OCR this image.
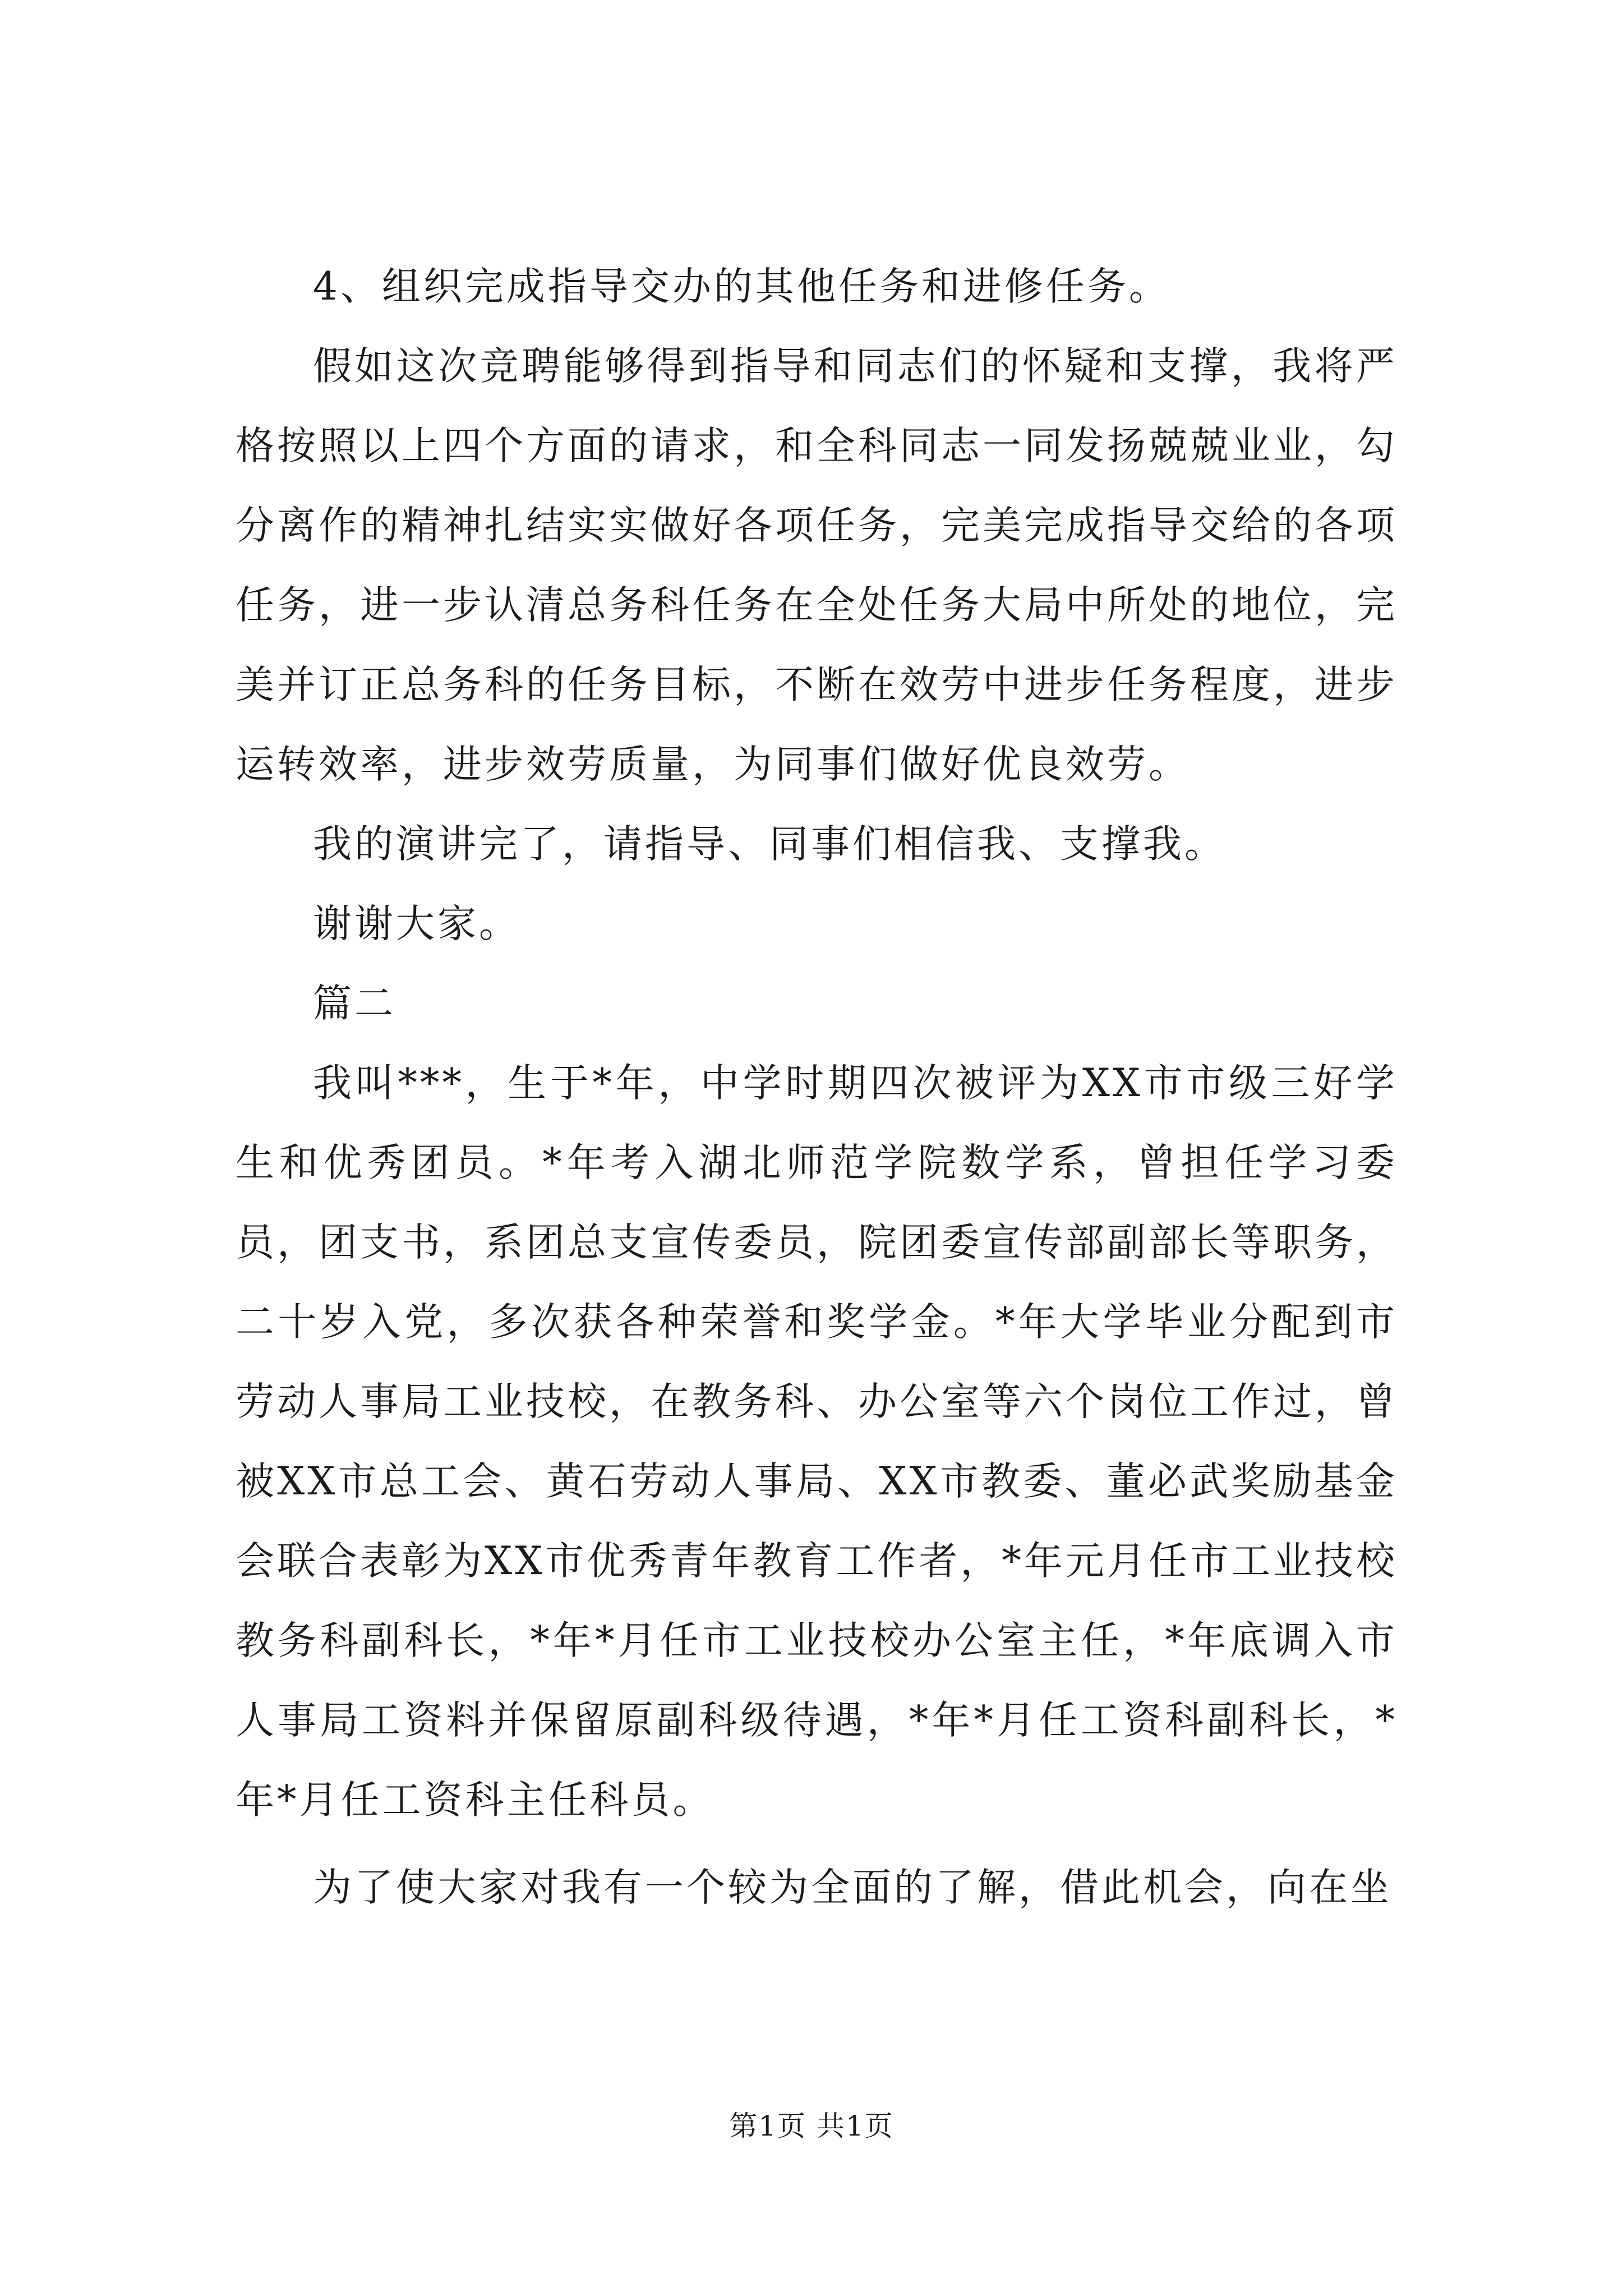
4、组织完成指导交办的其他任务和进修任务。

假如这次竞聘能够得到指导和同志们的怀疑和支撑，我将严格按照以上四个方面的请求，和全科同志一同发扬兢兢业业，勾分离作的精神扎结实实做好各项任务，完美完成指导交给的各项任务，进一步认清总务科任务在全处任务大局中所处的地位，完美并订正总务科的任务目标，不断在效劳中进步任务程度，进步运转效率，进步效劳质量，为同事们做好优良效劳。

我的演讲完了，请指导、同事们相信我、支撑我。

谢谢大家。

篇二

我叫***，生于*年，中学时期四次被评为XX市市级三好学生和优秀团员。*年考入湖北师范学院数学系，曾担任学习委员，团支书，系团总支宣传委员，院团委宣传部副部长等职务，二十岁入党，多次获各种荣誉和奖学金。*年大学毕业分配到市劳动人事局工业技校，在教务科、办公室等六个岗位工作过，曾被XX市总工会、黄石劳动人事局、XX市教委、董必武奖励基金会联合表彰为XX市优秀青年教育工作者，*年元月任市工业技校教务科副科长，*年*月任市工业技校办公室主任，*年底调入市人事局工资料并保留原副科级待遇，*年*月任工资科副科长，*年*月任工资科主任科员。

为了使大家对我有一个较为全面的了解，借此机会，向在坐

第1页 共1页
